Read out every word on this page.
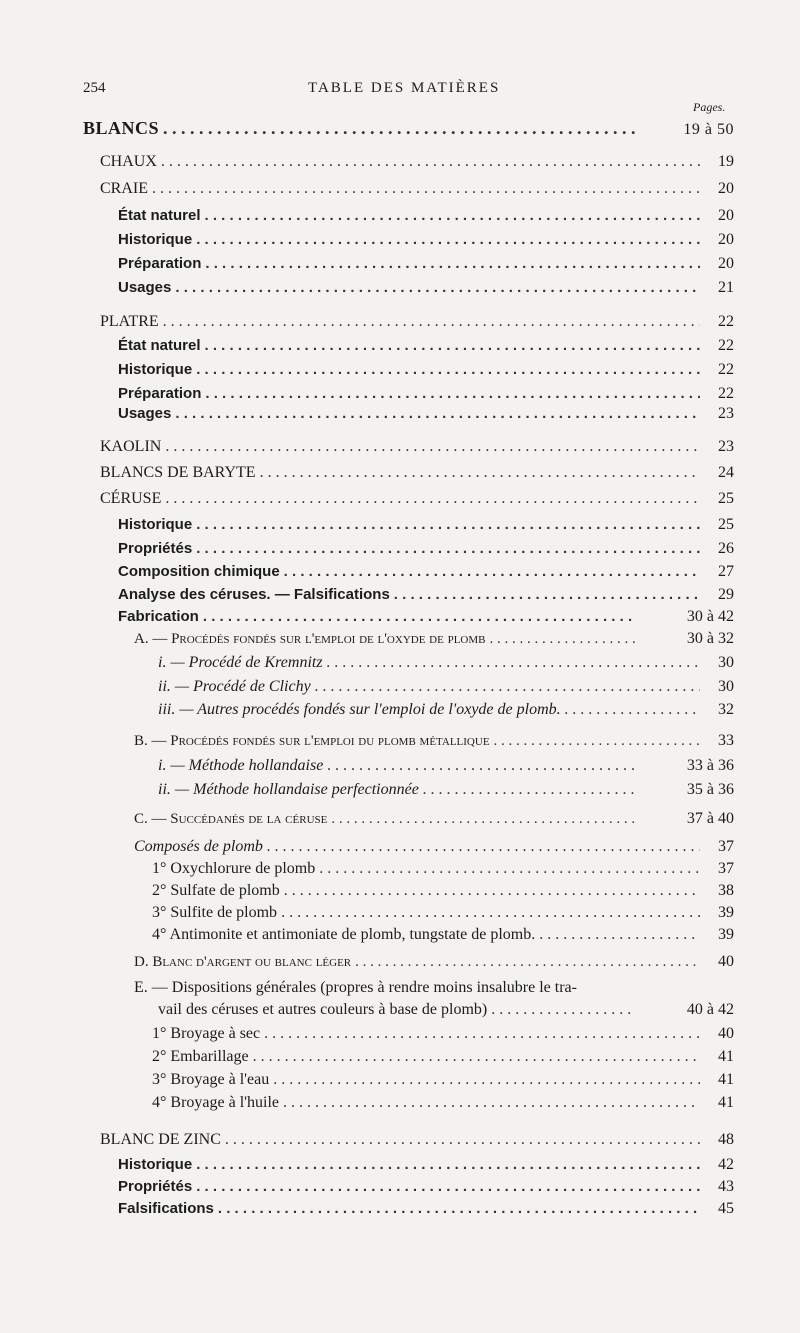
254	TABLE DES MATIÈRES
Pages.
BLANCS . . .	19 à 50
CHAUX . . .	19
CRAIE . . .	20
État naturel . . .	20
Historique . . .	20
Préparation . . .	20
Usages . . .	21
PLATRE . . .	22
État naturel . . .	22
Historique . . .	22
Préparation . . .	22
Usages . . .	23
KAOLIN . . .	23
BLANCS DE BARYTE . . .	24
CÉRUSE . . .	25
Historique . . .	25
Propriétés . . .	26
Composition chimique . . .	27
Analyse des céruses. — Falsifications . . .	29
Fabrication . . .	30 à 42
A. — Procédés fondés sur l'emploi de l'oxyde de plomb . . .	30 à 32
i. — Procédé de Kremnitz . . .	30
ii. — Procédé de Clichy . . .	30
iii. — Autres procédés fondés sur l'emploi de l'oxyde de plomb. . . .	32
B. — Procédés fondés sur l'emploi du plomb métallique . . .	33
i. — Méthode hollandaise . . .	33 à 36
ii. — Méthode hollandaise perfectionnée . . .	35 à 36
C. — Succédanés de la céruse . . .	37 à 40
Composés de plomb . . .	37
1° Oxychlorure de plomb . . .	37
2° Sulfate de plomb . . .	38
3° Sulfite de plomb . . .	39
4° Antimonite et antimoniate de plomb, tungstate de plomb. . . .	39
D. Blanc d'argent ou blanc léger . . .	40
E. — Dispositions générales (propres à rendre moins insalubre le tra-
vail des céruses et autres couleurs à base de plomb) . . .	40 à 42
1° Broyage à sec . . .	40
2° Embarillage . . .	41
3° Broyage à l'eau . . .	41
4° Broyage à l'huile . . .	41
BLANC DE ZINC . . .	48
Historique . . .	42
Propriétés . . .	43
Falsifications . . .	45
